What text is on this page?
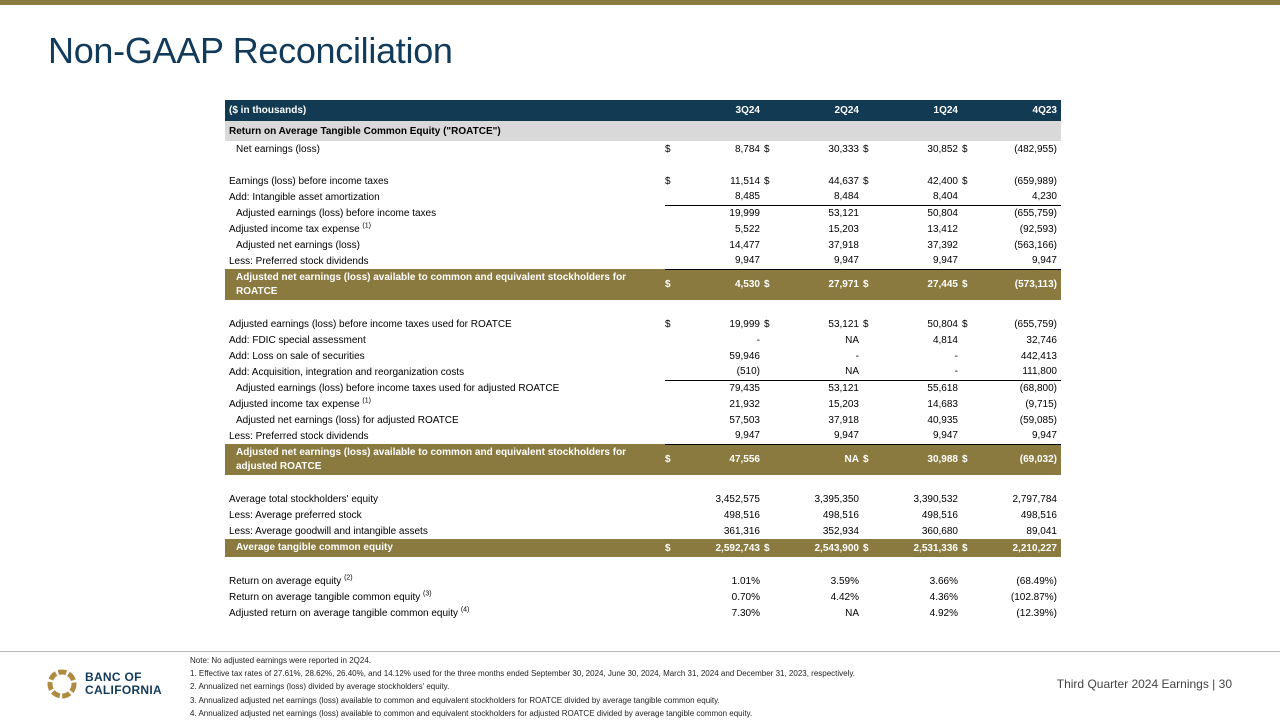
Non-GAAP Reconciliation
($ in thousands)		3Q24		2Q24		1Q24		4Q23
Return on Average Tangible Common Equity ("ROATCE")								
Net earnings (loss)	$	8,784	$	30,333	$	30,852	$	(482,955)

Earnings (loss) before income taxes	$	11,514	$	44,637	$	42,400	$	(659,989)
Add: Intangible asset amortization		8,485		8,484		8,404		4,230
Adjusted earnings (loss) before income taxes		19,999		53,121		50,804		(655,759)
Adjusted income tax expense $^{(1)}$		5,522		15,203		13,412		(92,593)
Adjusted net earnings (loss)		14,477		37,918		37,392		(563,166)
Less: Preferred stock dividends		9,947		9,947		9,947		9,947
Adjusted net earnings (loss) available to common and equivalent stockholders for ROATCE	$	4,530	$	27,971	$	27,445	$	(573,113)

Adjusted earnings (loss) before income taxes used for ROATCE	$	19,999	$	53,121	$	50,804	$	(655,759)
Add: FDIC special assessment		-		NA		4,814		32,746
Add: Loss on sale of securities		59,946		-		-		442,413
Add: Acquisition, integration and reorganization costs		(510)		NA		-		111,800
Adjusted earnings (loss) before income taxes used for adjusted ROATCE		79,435		53,121		55,618		(68,800)
Adjusted income tax expense $^{(1)}$		21,932		15,203		14,683		(9,715)
Adjusted net earnings (loss) for adjusted ROATCE		57,503		37,918		40,935		(59,085)
Less: Preferred stock dividends		9,947		9,947		9,947		9,947
Adjusted net earnings (loss) available to common and equivalent stockholders for adjusted ROATCE	$	47,556		NA	$	30,988	$	(69,032)

Average total stockholders' equity		3,452,575		3,395,350		3,390,532		2,797,784
Less: Average preferred stock		498,516		498,516		498,516		498,516
Less: Average goodwill and intangible assets		361,316		352,934		360,680		89,041
Average tangible common equity	$	2,592,743	$	2,543,900	$	2,531,336	$	2,210,227

Return on average equity $^{(2)}$		1.01%		3.59%		3.66%		(68.49%)
Return on average tangible common equity $^{(3)}$		0.70%		4.42%		4.36%		(102.87%)
Adjusted return on average tangible common equity $^{(4)}$		7.30%		NA		4.92%		(12.39%)
BANC OF
CALIFORNIA
Note: No adjusted earnings were reported in 2Q24.
1. Effective tax rates of 27.61%, 28.62%, 26.40%, and 14.12% used for the three months ended September 30, 2024, June 30, 2024, March 31, 2024 and December 31, 2023, respectively.
2. Annualized net earnings (loss) divided by average stockholders' equity.
3. Annualized adjusted net earnings (loss) available to common and equivalent stockholders for ROATCE divided by average tangible common equity.
4. Annualized adjusted net earnings (loss) available to common and equivalent stockholders for adjusted ROATCE divided by average tangible common equity.
Third Quarter 2024 Earnings | 30
